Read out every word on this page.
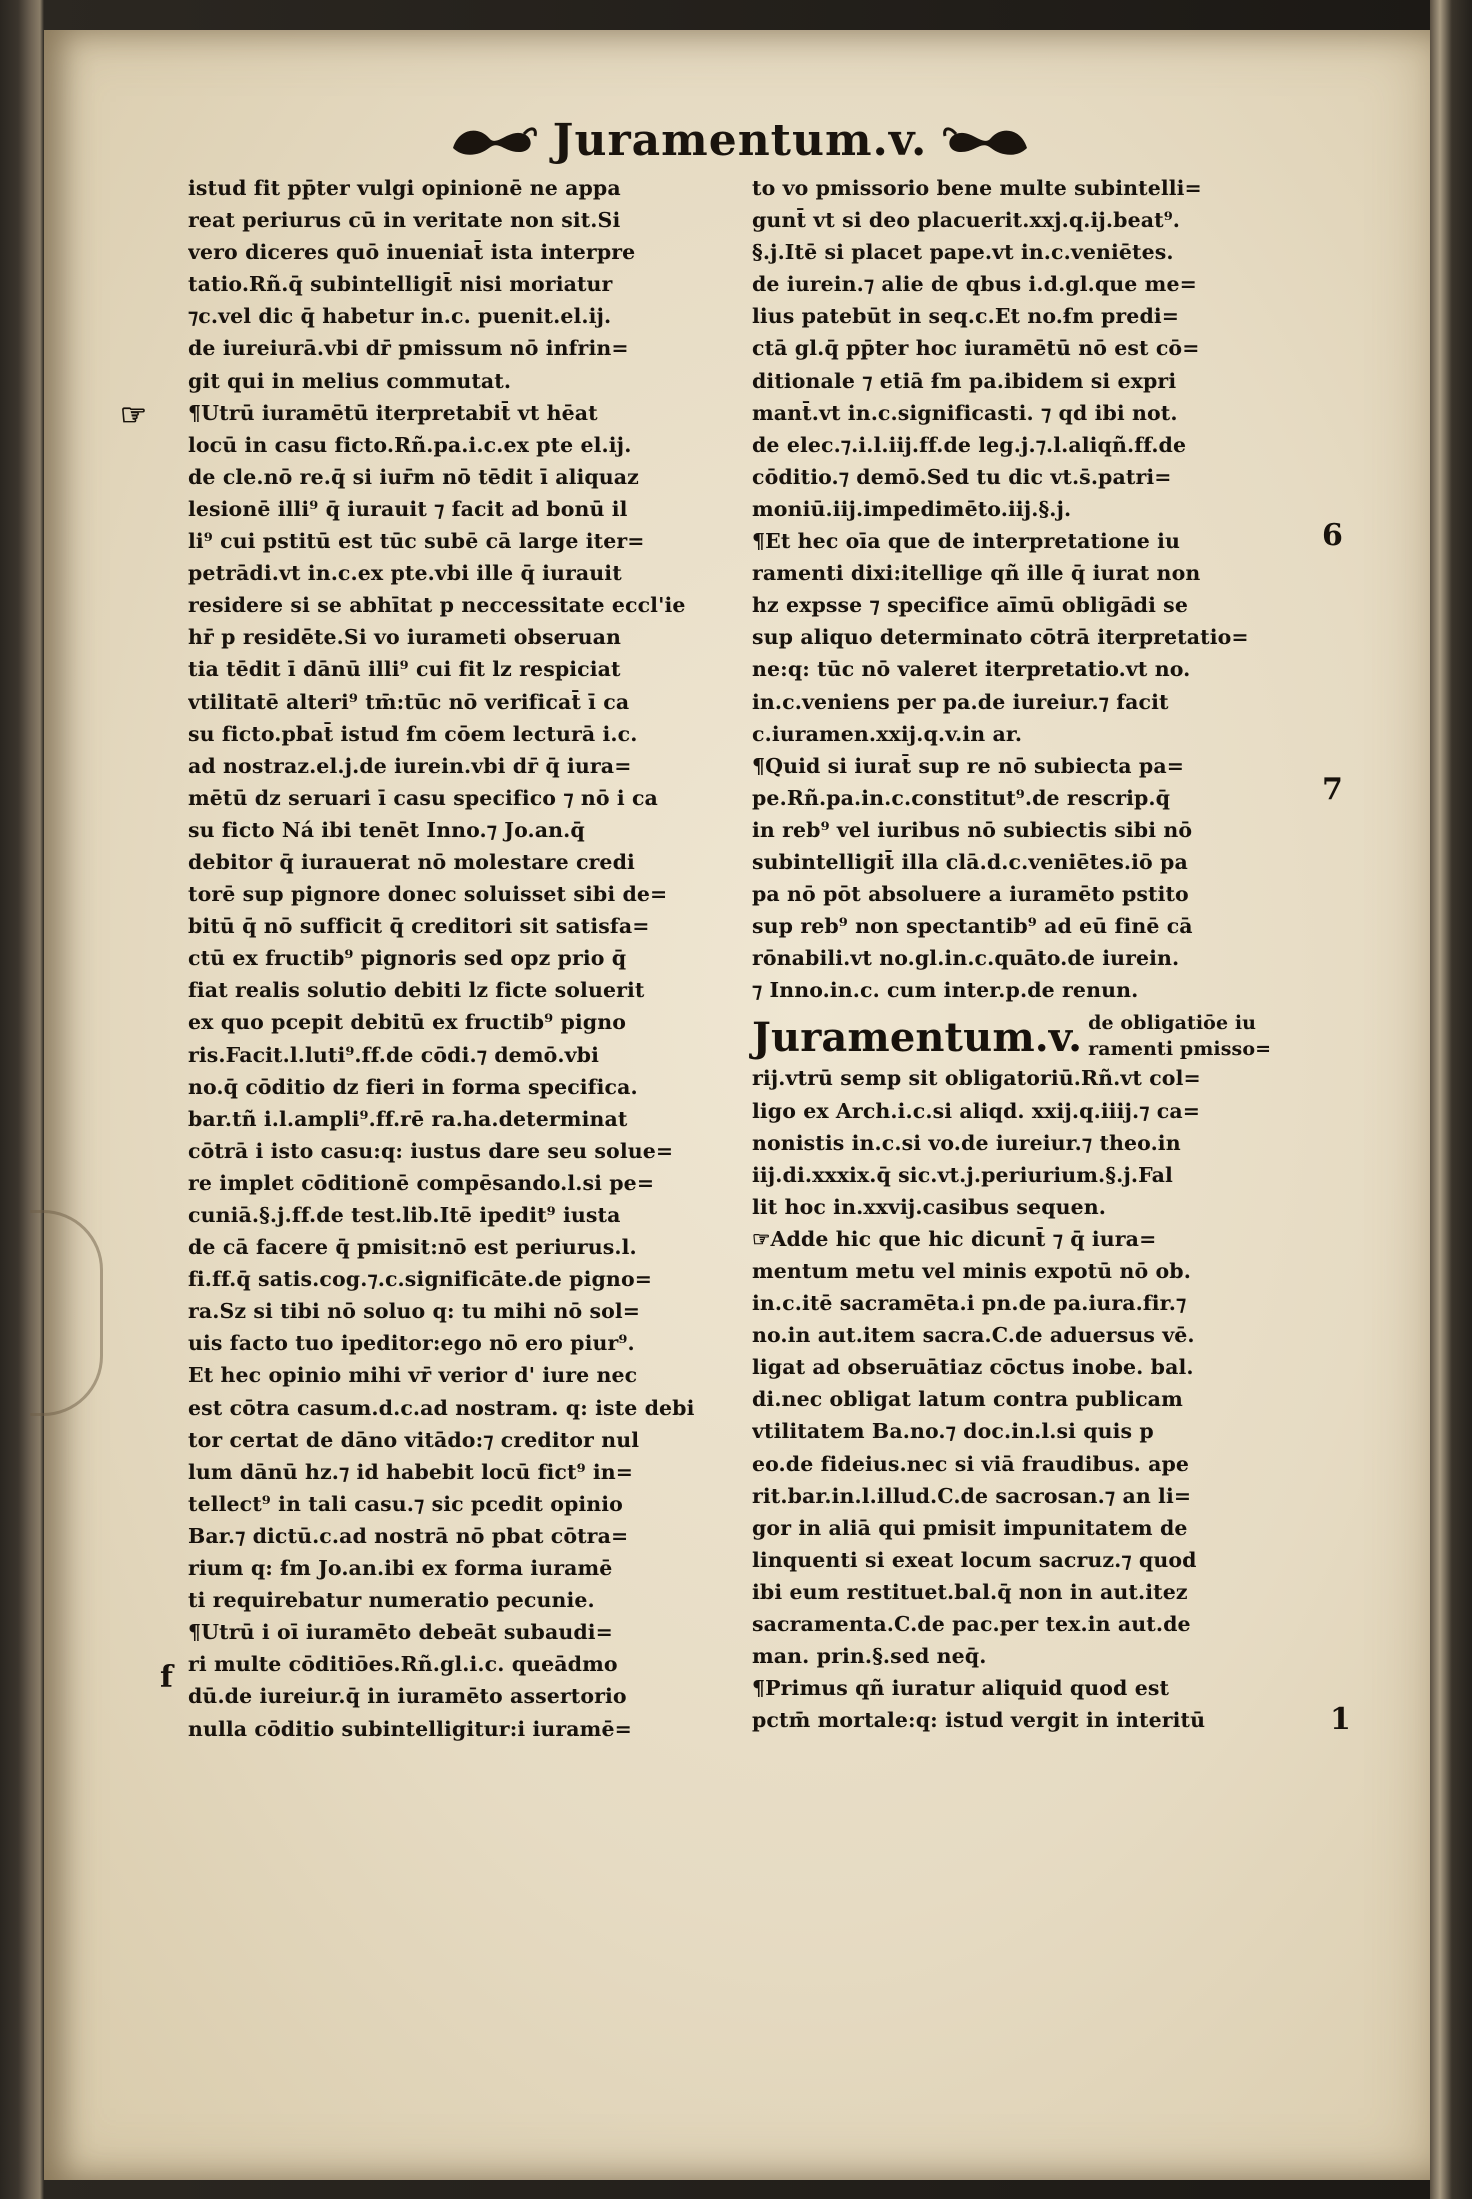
Juramentum.v.
☞
f
6
7
1
istud fit pp̄ter vulgi opinionē ne appa
reat periurus cū in veritate non sit.Si
vero diceres quō inueniat̄ ista interpre
tatio.Rñ.q̄ subintelligit̄ nisi moriatur
⁊c.vel dic q̄ habetur in.c. puenit.el.ij.
de iureiurā.vbi dr̄ pmissum nō infrin=
git qui in melius commutat.
¶Utrū iuramētū iterpretabit̄ vt hēat
locū in casu ficto.Rñ.pa.i.c.ex pte el.ij.
de cle.nō re.q̄ si iur̄m nō tēdit ī aliquaz
lesionē illi⁹ q̄ iurauit ⁊ facit ad bonū il
li⁹ cui pstitū est tūc subē cā large iter=
petrādi.vt in.c.ex pte.vbi ille q̄ iurauit
residere si se abhītat p neccessitate eccl'ie
hr̄ p residēte.Si vo iurameti obseruan
tia tēdit ī dānū illi⁹ cui fit lz respiciat
vtilitatē alteri⁹ tm̄:tūc nō verificat̄ ī ca
su ficto.pbat̄ istud ẜm cōem lecturā i.c.
ad nostraz.el.j.de iurein.vbi dr̄ q̄ iura=
mētū dz seruari ī casu specifico ⁊ nō i ca
su ficto Ná ibi tenēt Inno.⁊ Jo.an.q̄
debitor q̄ iurauerat nō molestare credi
torē sup pignore donec soluisset sibi de=
bitū q̄ nō sufficit q̄ creditori sit satisfa=
ctū ex fructib⁹ pignoris sed opz prio q̄
fiat realis solutio debiti lz ficte soluerit
ex quo pcepit debitū ex fructib⁹ pigno
ris.Facit.l.luti⁹.ff.de cōdi.⁊ demō.vbi
no.q̄ cōditio dz fieri in forma specifica.
bar.tñ i.l.ampli⁹.ff.rē ra.ha.determinat
cōtrā i isto casu:q: iustus dare seu solue=
re implet cōditionē compēsando.l.si pe=
cuniā.§.j.ff.de test.lib.Itē ipedit⁹ iusta
de cā facere q̄ pmisit:nō est periurus.l.
fi.ff.q̄ satis.cog.⁊.c.significāte.de pigno=
ra.Sz si tibi nō soluo q: tu mihi nō sol=
uis facto tuo ipeditor:ego nō ero piur⁹.
Et hec opinio mihi vr̄ verior d' iure nec
est cōtra casum.d.c.ad nostram. q: iste debi
tor certat de dāno vitādo:⁊ creditor nul
lum dānū hz.⁊ id habebit locū fict⁹ in=
tellect⁹ in tali casu.⁊ sic pcedit opinio
Bar.⁊ dictū.c.ad nostrā nō pbat cōtra=
rium q: ẜm Jo.an.ibi ex forma iuramē
ti requirebatur numeratio pecunie.
¶Utrū i oī iuramēto debeāt subaudi=
ri multe cōditiōes.Rñ.gl.i.c. queādmo
dū.de iureiur.q̄ in iuramēto assertorio
nulla cōditio subintelligitur:i iuramē=
to vo pmissorio bene multe subintelli=
gunt̄ vt si deo placuerit.xxj.q.ij.beat⁹.
§.j.Itē si placet pape.vt in.c.veniētes.
de iurein.⁊ alie de qbus i.d.gl.que me=
lius patebūt in seq.c.Et no.ẜm predi=
ctā gl.q̄ pp̄ter hoc iuramētū nō est cō=
ditionale ⁊ etiā ẜm pa.ibidem si expri
mant̄.vt in.c.significasti. ⁊ qd ibi not.
de elec.⁊.i.l.iij.ff.de leg.j.⁊.l.aliqñ.ff.de
cōditio.⁊ demō.Sed tu dic vt.s̄.patri=
moniū.iij.impedimēto.iij.§.j.
¶Et hec oīa que de interpretatione iu
ramenti dixi:itellige qñ ille q̄ iurat non
hz expsse ⁊ specifice aīmū obligādi se
sup aliquo determinato cōtrā iterpretatio=
ne:q: tūc nō valeret iterpretatio.vt no.
in.c.veniens per pa.de iureiur.⁊ facit
c.iuramen.xxij.q.v.in ar.
¶Quid si iurat̄ sup re nō subiecta pa=
pe.Rñ.pa.in.c.constitut⁹.de rescrip.q̄
in reb⁹ vel iuribus nō subiectis sibi nō
subintelligit̄ illa clā.d.c.veniētes.iō pa
pa nō pōt absoluere a iuramēto pstito
sup reb⁹ non spectantib⁹ ad eū finē cā
rōnabili.vt no.gl.in.c.quāto.de iurein.
⁊ Inno.in.c. cum inter.p.de renun.
Juramentum.v. de obligatiōe iu
ramenti pmisso=
rij.vtrū semp sit obligatoriū.Rñ.vt col=
ligo ex Arch.i.c.si aliqd. xxij.q.iiij.⁊ ca=
nonistis in.c.si vo.de iureiur.⁊ theo.in
iij.di.xxxix.q̄ sic.vt.j.periurium.§.j.Fal
lit hoc in.xxvij.casibus sequen.
☞Adde hic que hic dicunt̄ ⁊ q̄ iura=
mentum metu vel minis expotū nō ob.
in.c.itē sacramēta.i pn.de pa.iura.fir.⁊
no.in aut.item sacra.C.de aduersus vē.
ligat ad obseruātiaz cōctus inobe. bal.
di.nec obligat latum contra publicam
vtilitatem Ba.no.⁊ doc.in.l.si quis p
eo.de fideius.nec si viā fraudibus. ape
rit.bar.in.l.illud.C.de sacrosan.⁊ an li=
gor in aliā qui pmisit impunitatem de
linquenti si exeat locum sacruz.⁊ quod
ibi eum restituet.bal.q̄ non in aut.itez
sacramenta.C.de pac.per tex.in aut.de
man. prin.§.sed neq̄.
¶Primus qñ iuratur aliquid quod est
pctm̄ mortale:q: istud vergit in interitū
